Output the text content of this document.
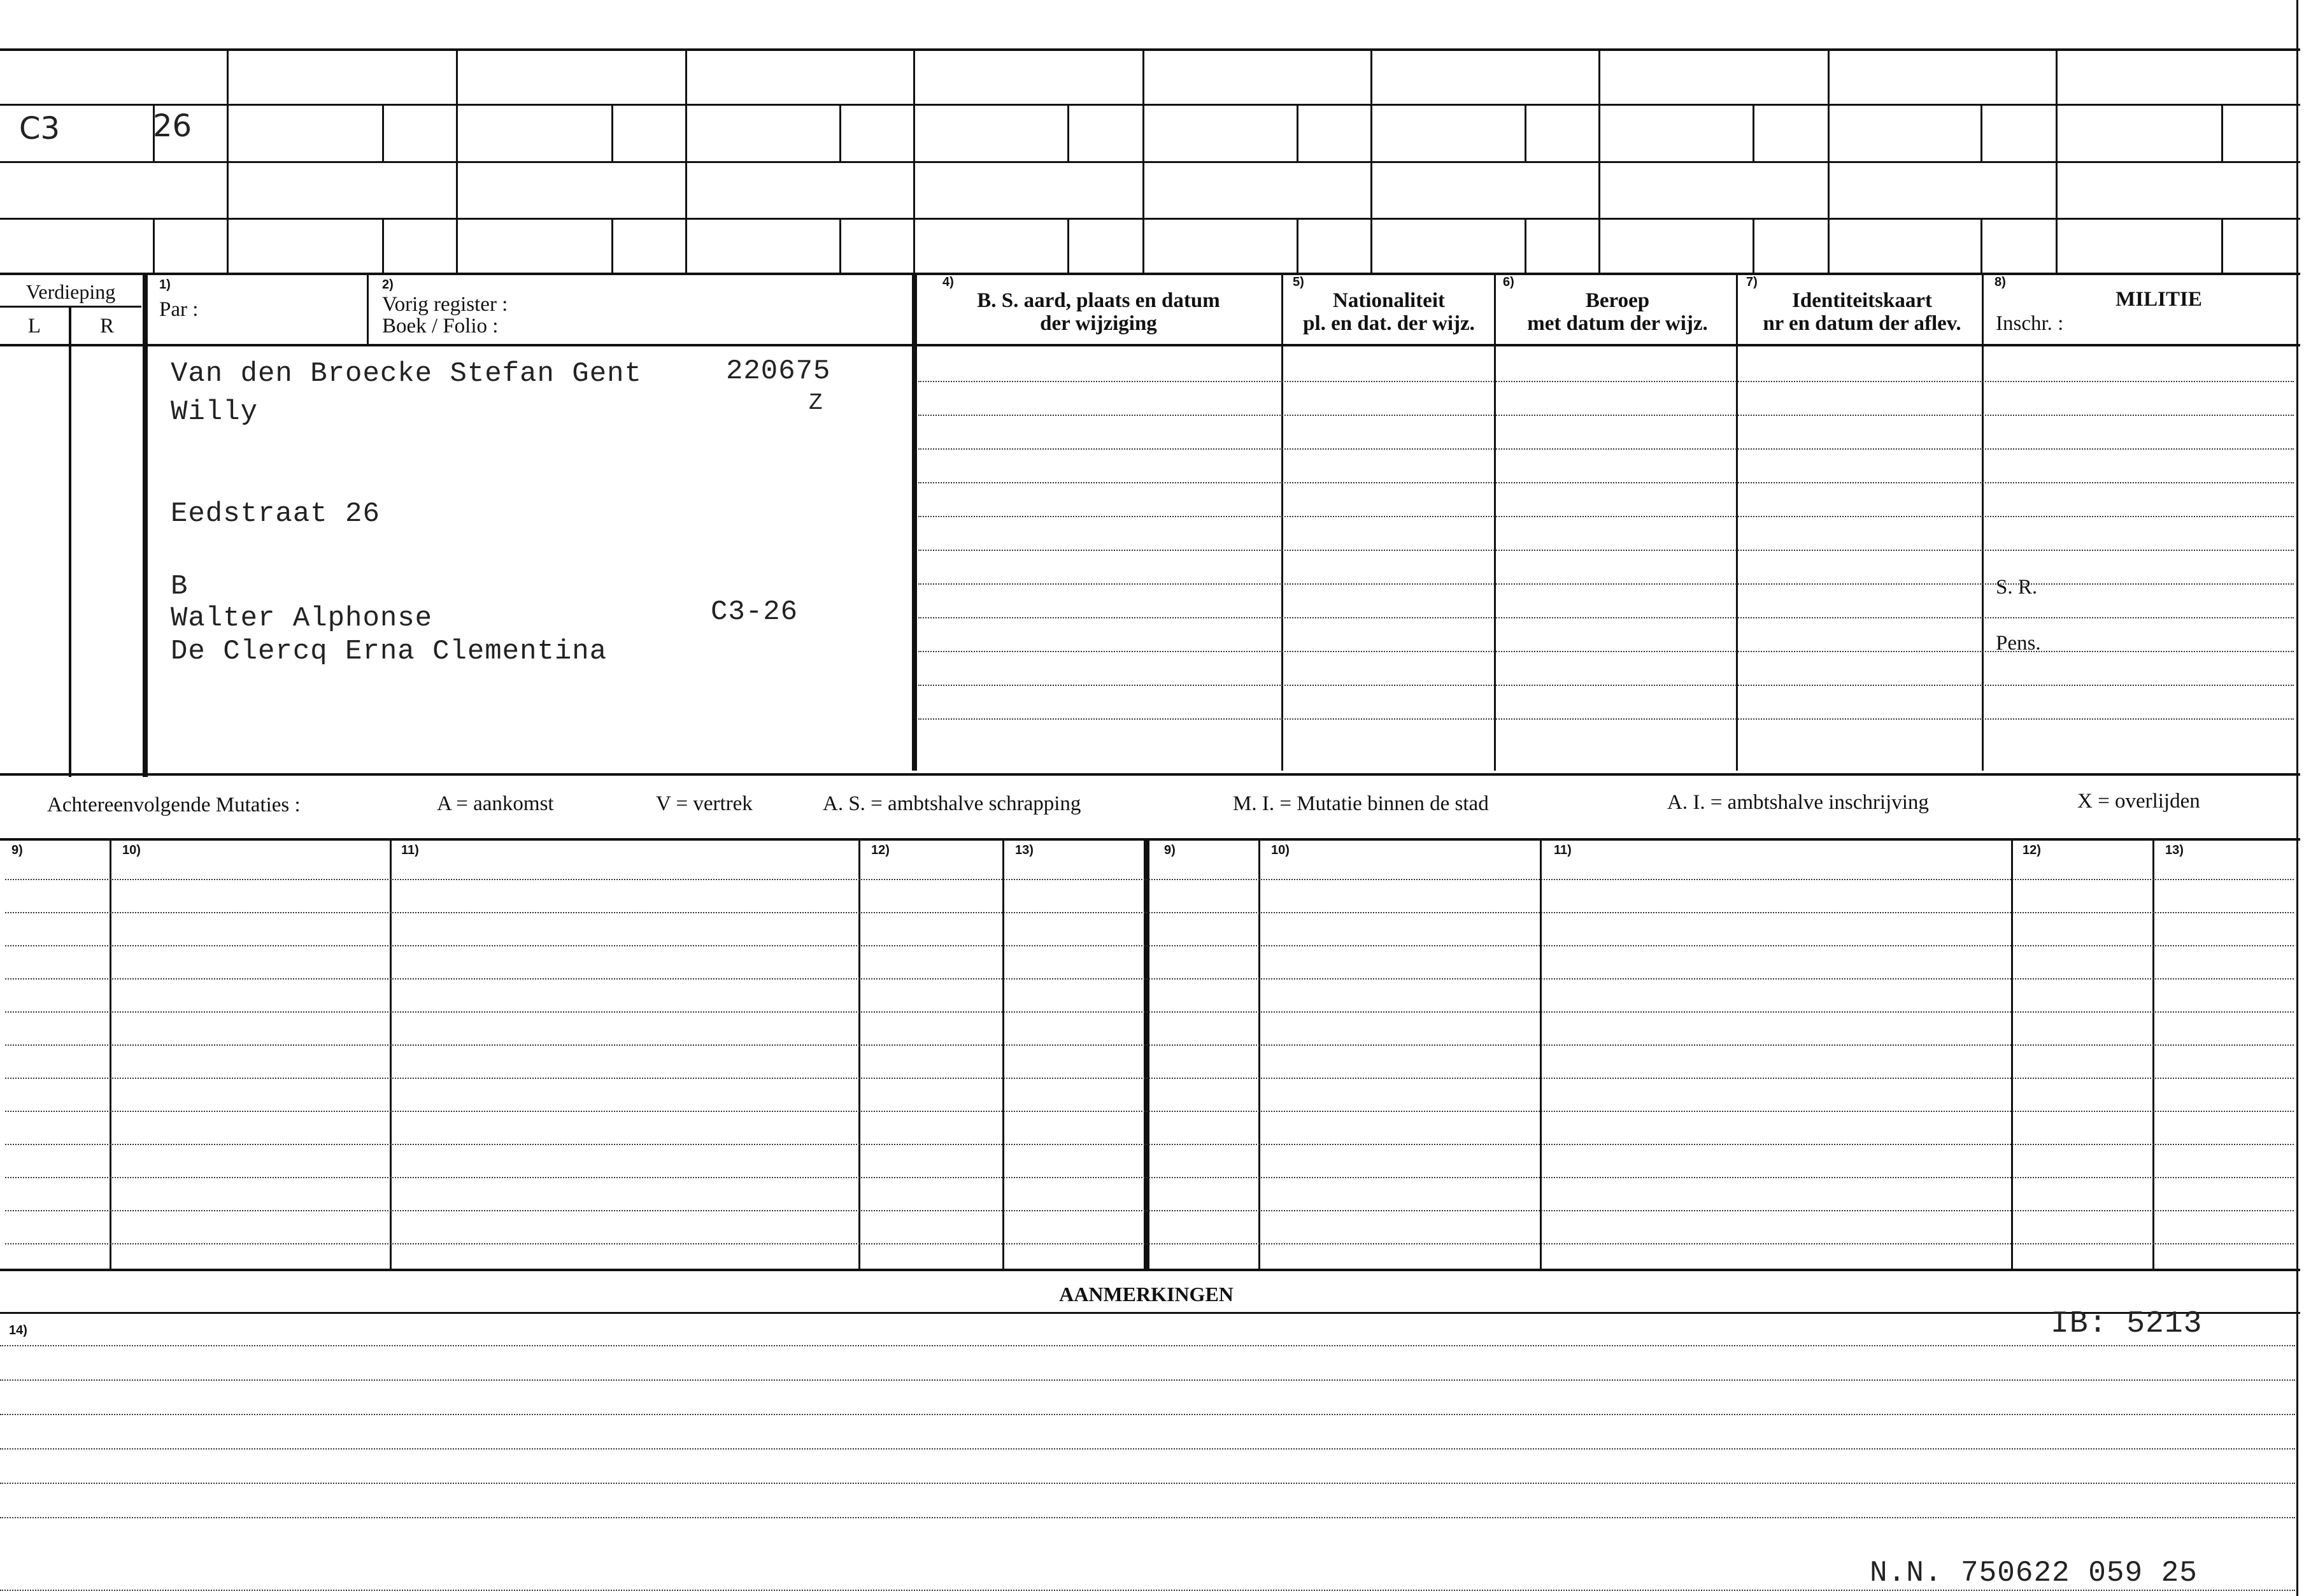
C3	26
Verdieping
L	R
1)
Par :
2)
Vorig register :
Boek / Folio :
4)
B. S. aard, plaats en datum
der wijziging
5)
Nationaliteit
pl. en dat. der wijz.
6)
Beroep
met datum der wijz.
7)
Identiteitskaart
nr en datum der aflev.
8)
MILITIE
Inschr. :
S. R.
Pens.
Van den Broecke Stefan Gent	220675
Z
Willy
Eedstraat 26
B
Walter Alphonse	C3-26
De Clercq Erna Clementina
Achtereenvolgende Mutaties :	A = aankomst	V = vertrek	A. S. = ambtshalve schrapping	M. I. = Mutatie binnen de stad	A. I. = ambtshalve inschrijving	X = overlijden
9)	10)	11)	12)	13)	9)	10)	11)	12)	13)
AANMERKINGEN
14)	IB: 5213
N.N. 750622 059 25
